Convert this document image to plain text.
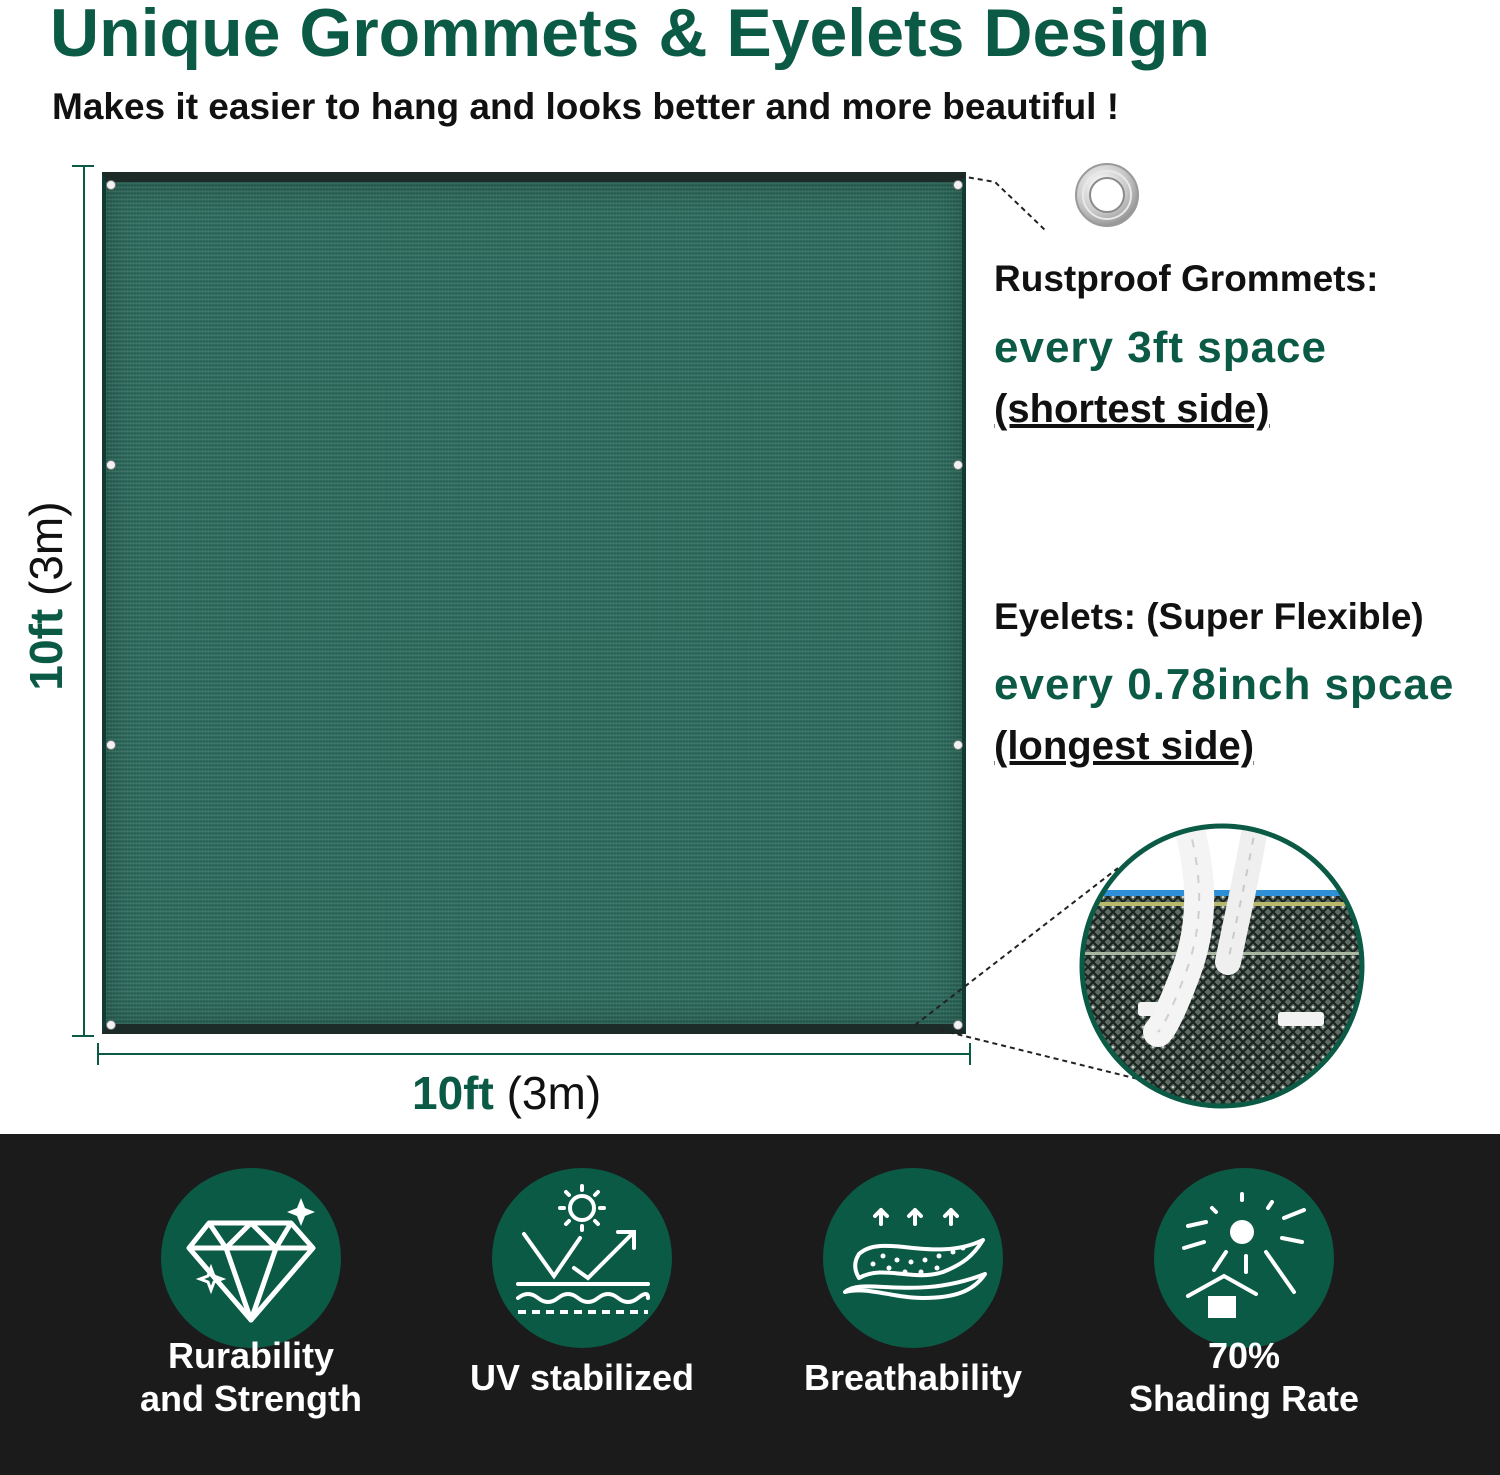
Unique Grommets & Eyelets Design

Makes it easier to hang and looks better and more beautiful !

10ft (3m)
10ft (3m)

Rustproof Grommets:

every 3ft space

(shortest side)

Eyelets: (Super Flexible)

every 0.78inch spcae

(longest side)

Rurability
and Strength
UV stabilized	Breathability
70%
Shading Rate
